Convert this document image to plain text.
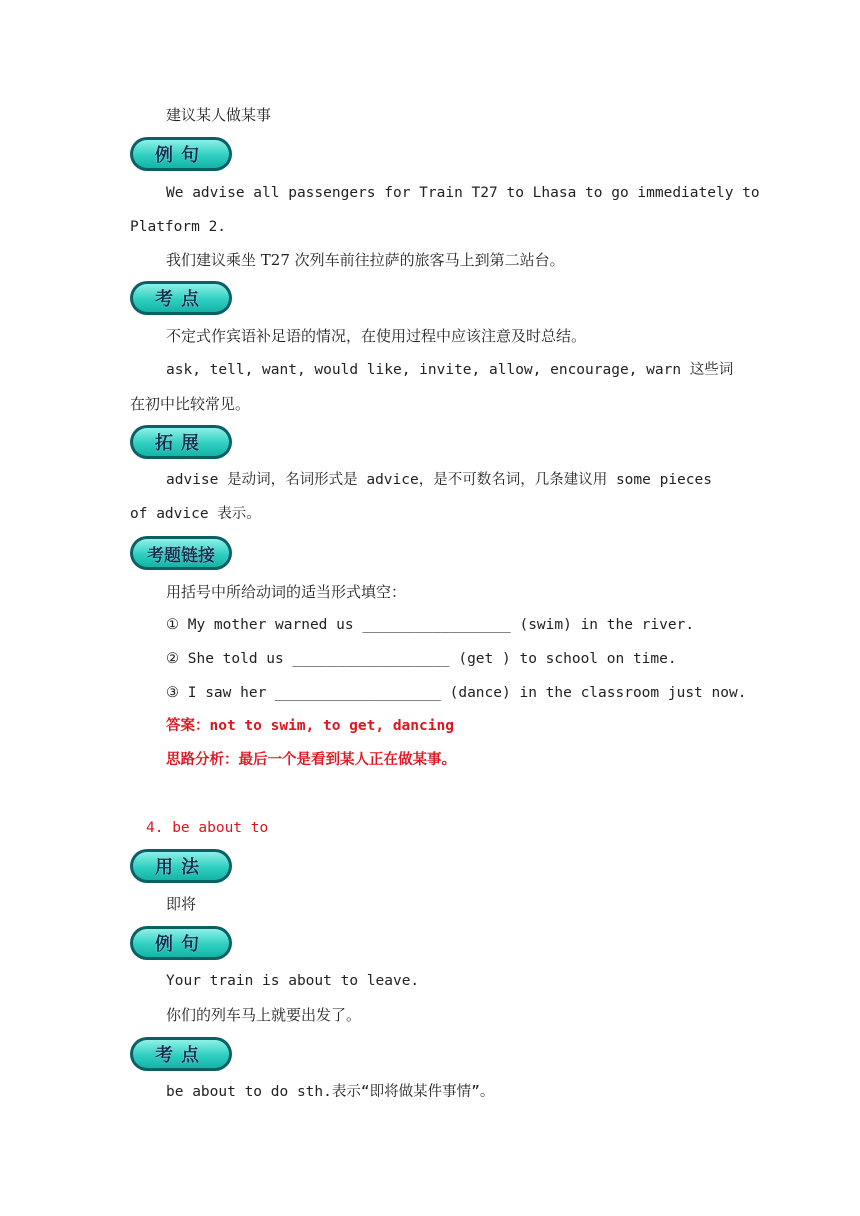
建议某人做某事
例句
We advise all passengers for Train T27 to Lhasa to go immediately to
Platform 2.
我们建议乘坐 T27 次列车前往拉萨的旅客马上到第二站台。
考点
不定式作宾语补足语的情况，在使用过程中应该注意及时总结。
ask, tell, want, would like, invite, allow, encourage, warn 这些词
在初中比较常见。
拓展
advise 是动词，名词形式是 advice，是不可数名词，几条建议用 some pieces
of advice 表示。
考题链接
用括号中所给动词的适当形式填空：
① My mother warned us _________________ (swim) in the river.
② She told us __________________ (get ) to school on time.
③ I saw her ___________________ (dance) in the classroom just now.
答案：not to swim, to get, dancing
思路分析：最后一个是看到某人正在做某事。
4. be about to
用法
即将
例句
Your train is about to leave.
你们的列车马上就要出发了。
考点
be about to do sth.表示“即将做某件事情”。
